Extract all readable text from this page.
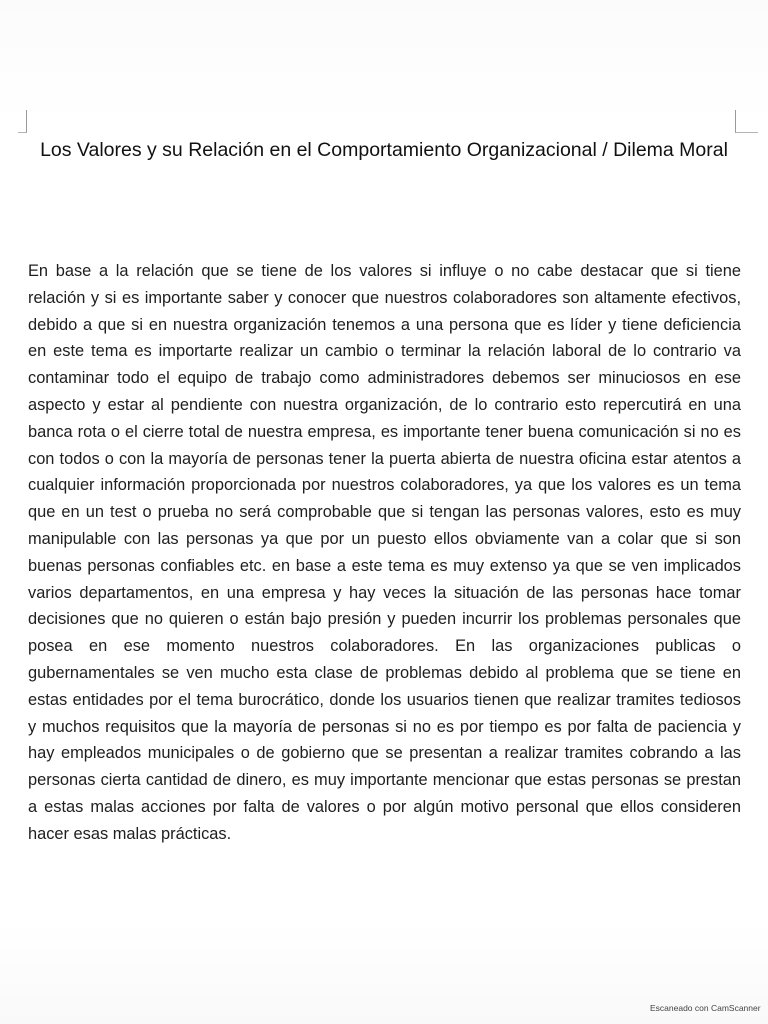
Los Valores y su Relación en el Comportamiento Organizacional / Dilema Moral

En base a la relación que se tiene de los valores si influye o no cabe destacar que si tiene relación y si es importante saber y conocer que nuestros colaboradores son altamente efectivos, debido a que si en nuestra organización tenemos a una persona que es líder y tiene deficiencia en este tema es importarte realizar un cambio o terminar la relación laboral de lo contrario va contaminar todo el equipo de trabajo como administradores debemos ser minuciosos en ese aspecto y estar al pendiente con nuestra organización, de lo contrario esto repercutirá en una banca rota o el cierre total de nuestra empresa, es importante tener buena comunicación si no es con todos o con la mayoría de personas tener la puerta abierta de nuestra oficina estar atentos a cualquier información proporcionada por nuestros colaboradores, ya que los valores es un tema que en un test o prueba no será comprobable que si tengan las personas valores, esto es muy manipulable con las personas ya que por un puesto ellos obviamente van a colar que si son buenas personas confiables etc. en base a este tema es muy extenso ya que se ven implicados varios departamentos, en una empresa y hay veces la situación de las personas hace tomar decisiones que no quieren o están bajo presión y pueden incurrir los problemas personales que posea en ese momento nuestros colaboradores. En las organizaciones publicas o gubernamentales se ven mucho esta clase de problemas debido al problema que se tiene en estas entidades por el tema burocrático, donde los usuarios tienen que realizar tramites tediosos y muchos requisitos que la mayoría de personas si no es por tiempo es por falta de paciencia y hay empleados municipales o de gobierno que se presentan a realizar tramites cobrando a las personas cierta cantidad de dinero, es muy importante mencionar que estas personas se prestan a estas malas acciones por falta de valores o por algún motivo personal que ellos consideren hacer esas malas prácticas.

Escaneado con CamScanner
